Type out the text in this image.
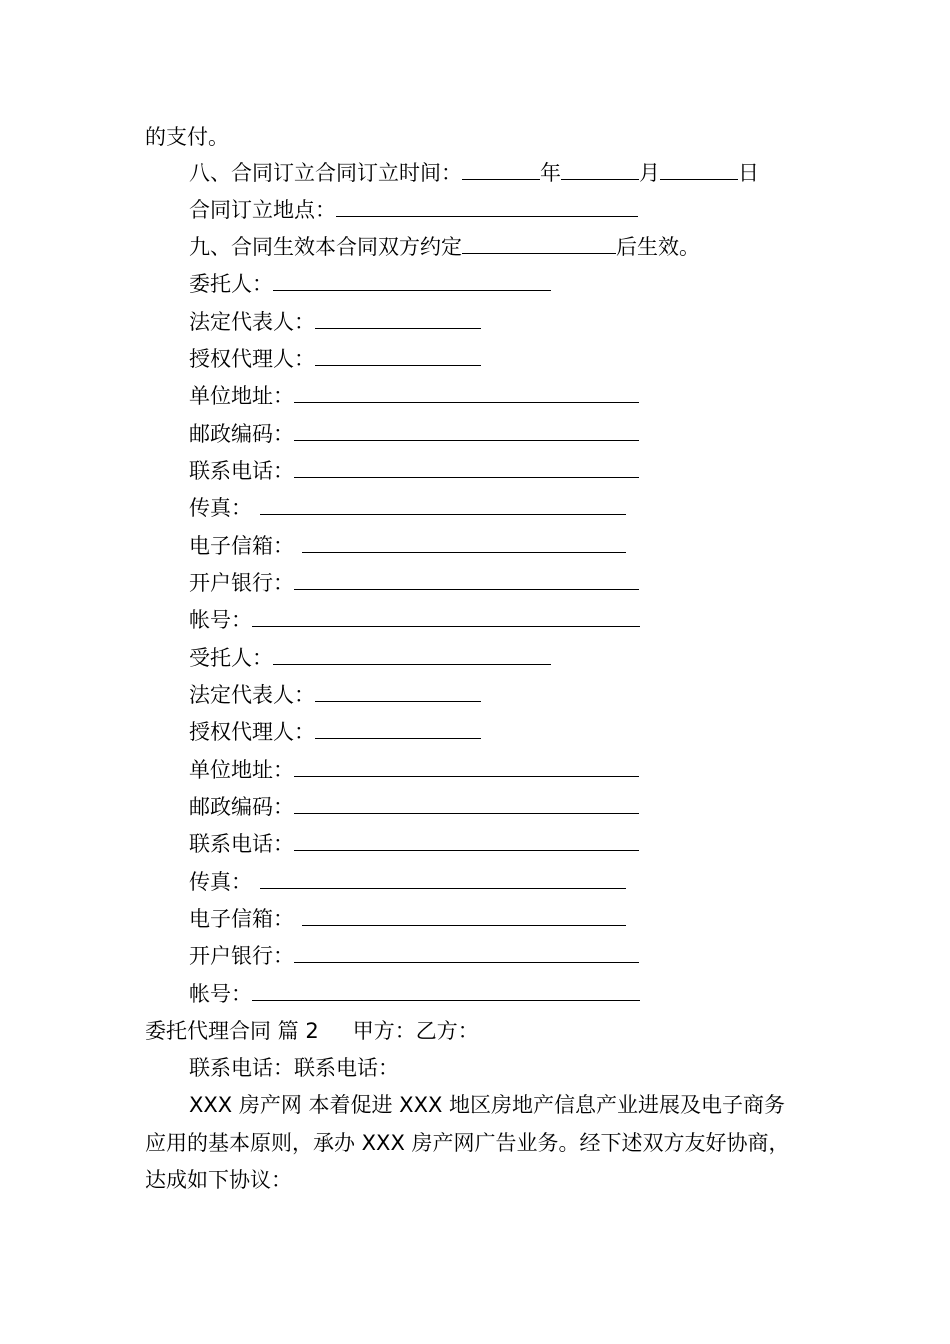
的支付。
八、合同订立合同订立时间：	年	月	日
合同订立地点：
九、合同生效本合同双方约定	后生效。
委托人：
法定代表人：
授权代理人：
单位地址：
邮政编码：
联系电话：
传真：
电子信箱：
开户银行：
帐号：
受托人：
法定代表人：
授权代理人：
单位地址：
邮政编码：
联系电话：
传真：
电子信箱：
开户银行：
帐号：
委托代理合同 篇 2 甲方：乙方：
联系电话：联系电话：
XXX 房产网 本着促进 XXX 地区房地产信息产业进展及电子商务
应用的基本原则，承办 XXX 房产网广告业务。经下述双方友好协商，
达成如下协议：
